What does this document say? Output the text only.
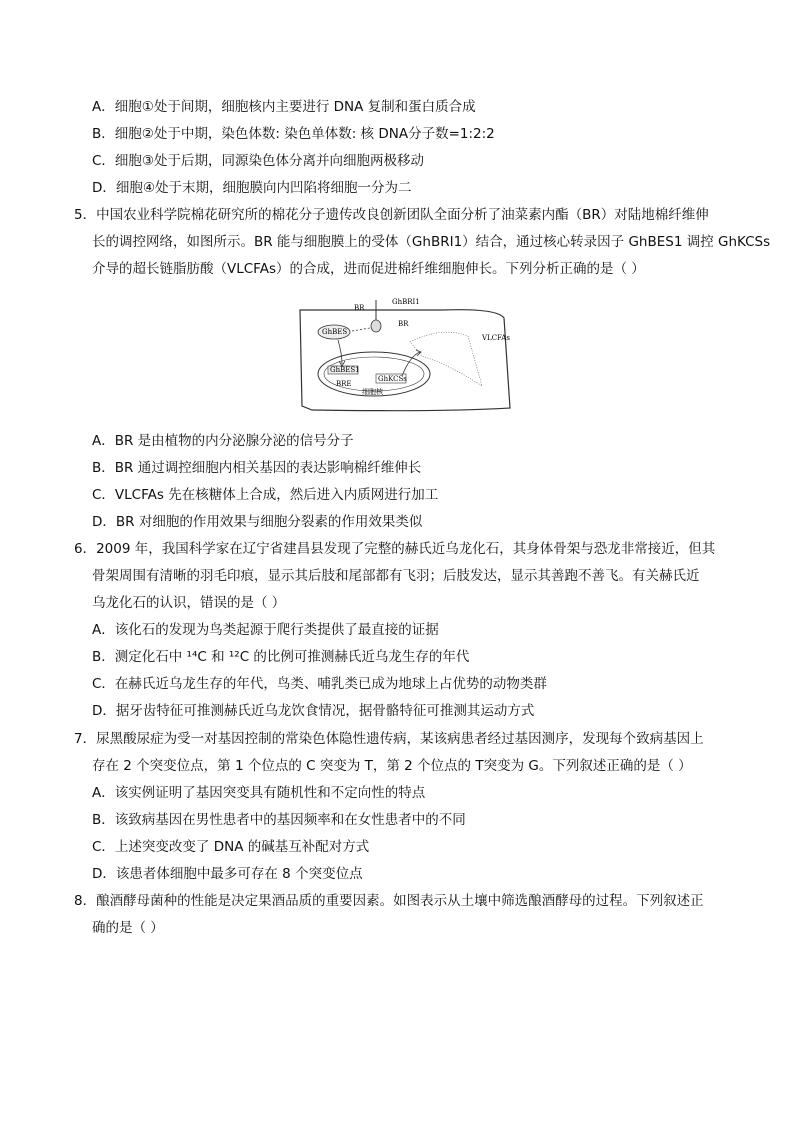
A．细胞①处于间期，细胞核内主要进行 DNA 复制和蛋白质合成
B．细胞②处于中期，染色体数: 染色单体数: 核 DNA分子数=1:2:2
C．细胞③处于后期，同源染色体分离并向细胞两极移动
D．细胞④处于末期，细胞膜向内凹陷将细胞一分为二
5．中国农业科学院棉花研究所的棉花分子遗传改良创新团队全面分析了油菜素内酯（BR）对陆地棉纤维伸
长的调控网络，如图所示。BR 能与细胞膜上的受体（GhBRI1）结合，通过核心转录因子 GhBES1 调控 GhKCSs
介导的超长链脂肪酸（VLCFAs）的合成，进而促进棉纤维细胞伸长。下列分析正确的是（ ）
GhBRI1
BR
BR
GhBES
VLCFAs
GhBES1
GhKCSs
BRE
细胞核
A．BR 是由植物的内分泌腺分泌的信号分子
B．BR 通过调控细胞内相关基因的表达影响棉纤维伸长
C．VLCFAs 先在核糖体上合成，然后进入内质网进行加工
D．BR 对细胞的作用效果与细胞分裂素的作用效果类似
6．2009 年，我国科学家在辽宁省建昌县发现了完整的赫氏近乌龙化石，其身体骨架与恐龙非常接近，但其
骨架周围有清晰的羽毛印痕，显示其后肢和尾部都有飞羽；后肢发达，显示其善跑不善飞。有关赫氏近
乌龙化石的认识，错误的是（ ）
A．该化石的发现为鸟类起源于爬行类提供了最直接的证据
B．测定化石中 ¹⁴C 和 ¹²C 的比例可推测赫氏近乌龙生存的年代
C．在赫氏近乌龙生存的年代，鸟类、哺乳类已成为地球上占优势的动物类群
D．据牙齿特征可推测赫氏近乌龙饮食情况，据骨骼特征可推测其运动方式
7．尿黑酸尿症为受一对基因控制的常染色体隐性遗传病，某该病患者经过基因测序，发现每个致病基因上
存在 2 个突变位点，第 1 个位点的 C 突变为 T，第 2 个位点的 T突变为 G。下列叙述正确的是（ ）
A．该实例证明了基因突变具有随机性和不定向性的特点
B．该致病基因在男性患者中的基因频率和在女性患者中的不同
C．上述突变改变了 DNA 的碱基互补配对方式
D．该患者体细胞中最多可存在 8 个突变位点
8．酿酒酵母菌种的性能是决定果酒品质的重要因素。如图表示从土壤中筛选酿酒酵母的过程。下列叙述正
确的是（ ）
